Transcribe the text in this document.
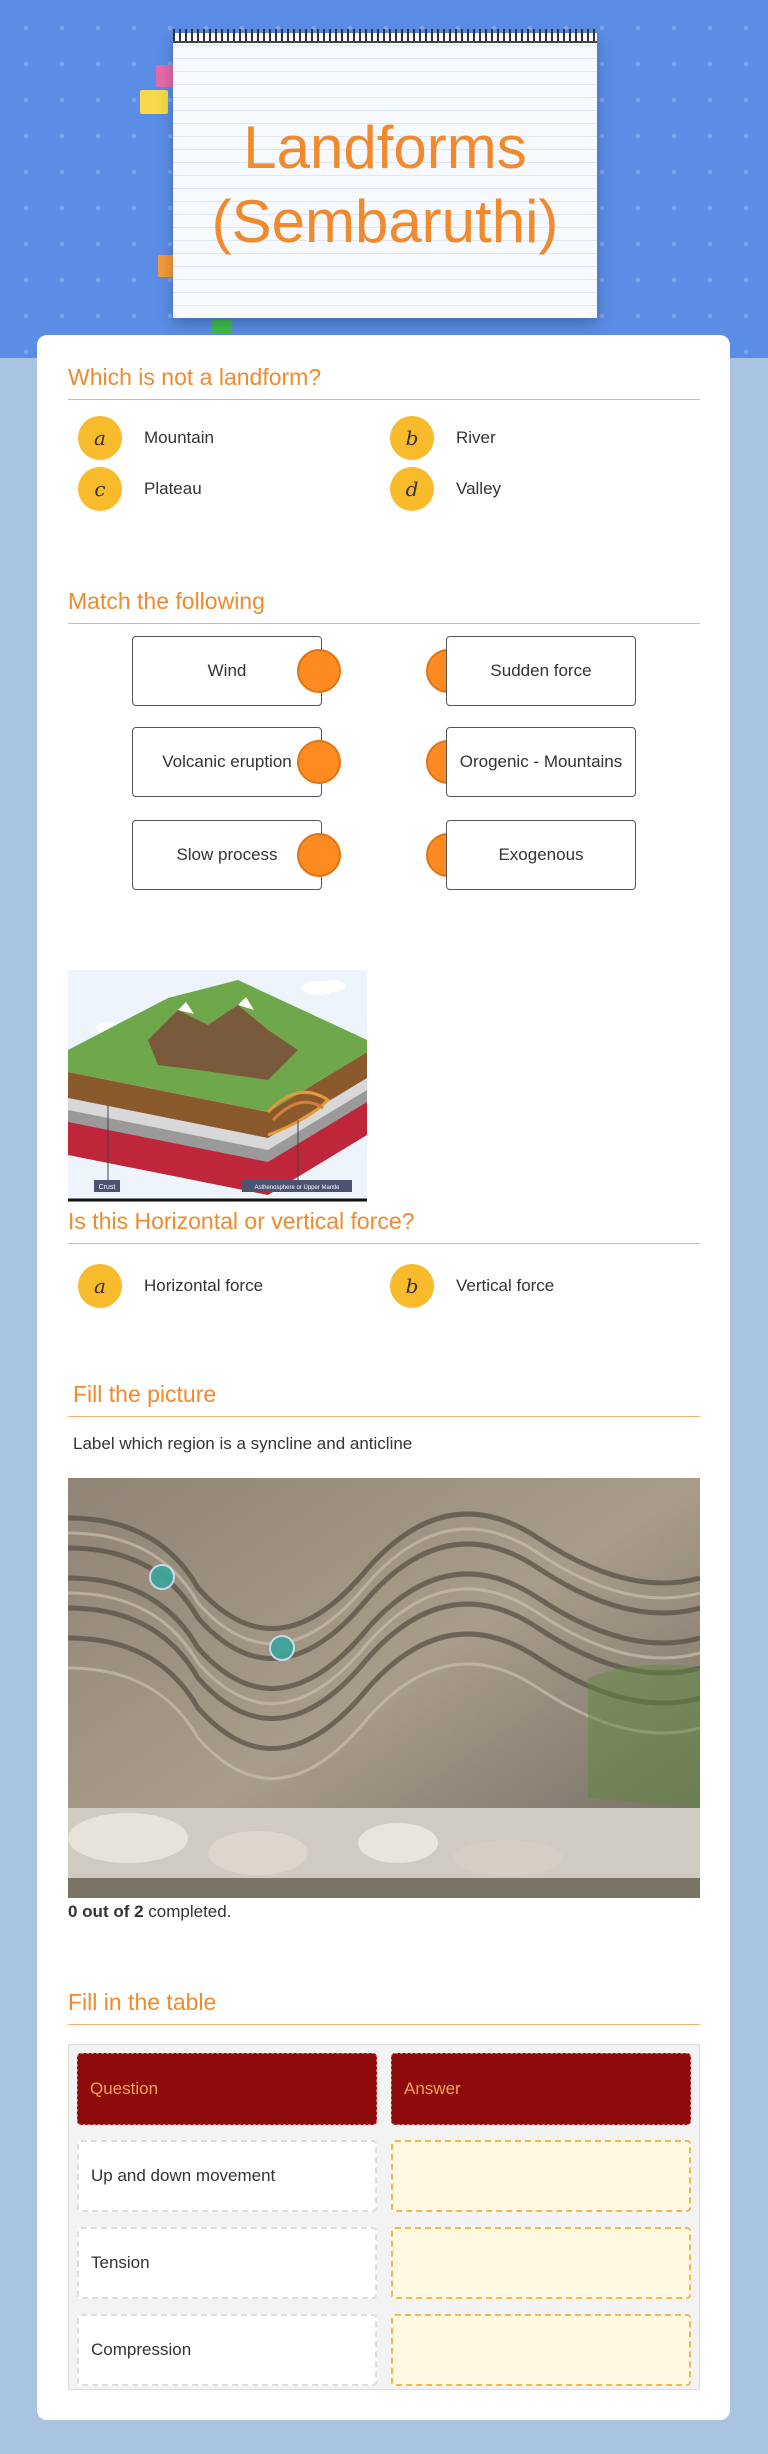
Landforms (Sembaruthi)
Which is not a landform?
a	Mountain	b	River
c	Plateau	d	Valley
Match the following
Wind	Sudden force
Volcanic eruption	Orogenic - Mountains
Slow process	Exogenous
Crust	Asthenosphere or Upper Mantle
Is this Horizontal or vertical force?
a	Horizontal force	b	Vertical force
Fill the picture
Label which region is a syncline and anticline
0 out of 2 completed.
Fill in the table
Question	Answer
Up and down movement
Tension
Compression
